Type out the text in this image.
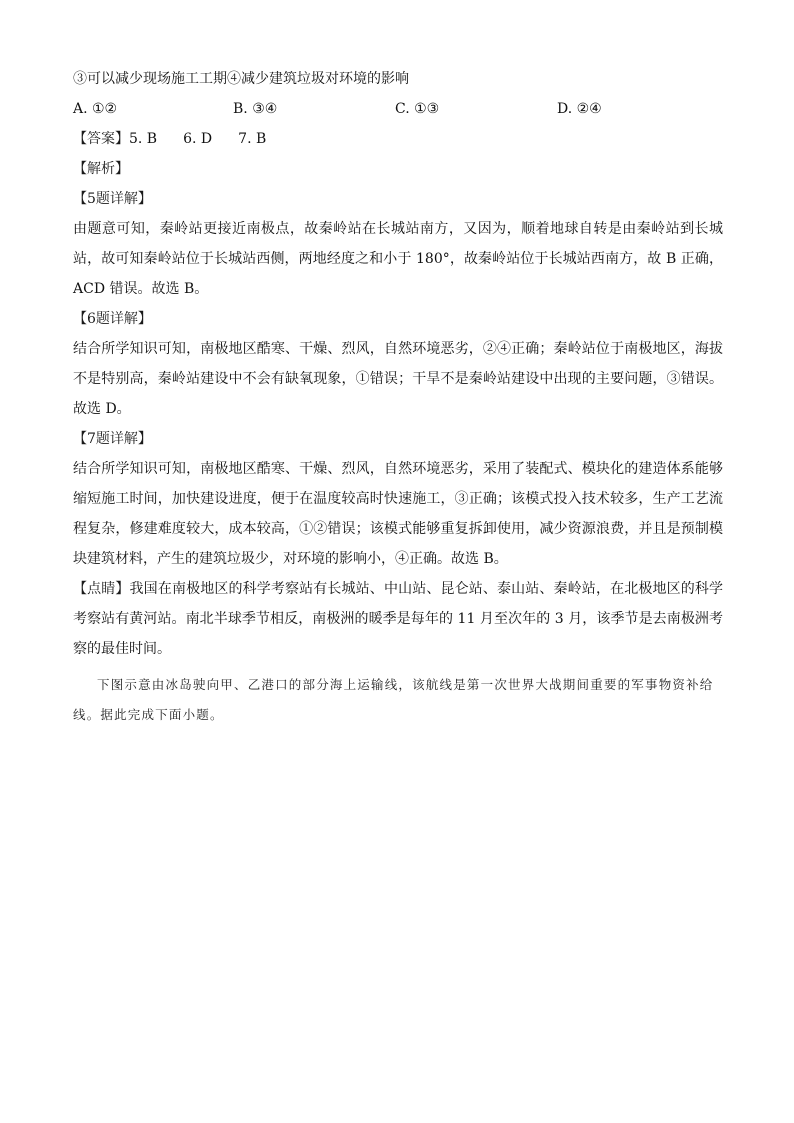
③可以减少现场施工工期④减少建筑垃圾对环境的影响
A. ①②	B. ③④	C. ①③	D. ②④
【答案】5. B 6. D 7. B
【解析】
【5题详解】
由题意可知，秦岭站更接近南极点，故秦岭站在长城站南方，又因为，顺着地球自转是由秦岭站到长城站，故可知秦岭站位于长城站西侧，两地经度之和小于 180°，故秦岭站位于长城站西南方，故 B 正确，ACD 错误。故选 B。
【6题详解】
结合所学知识可知，南极地区酷寒、干燥、烈风，自然环境恶劣，②④正确；秦岭站位于南极地区，海拔不是特别高，秦岭站建设中不会有缺氧现象，①错误；干旱不是秦岭站建设中出现的主要问题，③错误。故选 D。
【7题详解】
结合所学知识可知，南极地区酷寒、干燥、烈风，自然环境恶劣，采用了装配式、模块化的建造体系能够缩短施工时间，加快建设进度，便于在温度较高时快速施工，③正确；该模式投入技术较多，生产工艺流程复杂，修建难度较大，成本较高，①②错误；该模式能够重复拆卸使用，减少资源浪费，并且是预制模块建筑材料，产生的建筑垃圾少，对环境的影响小，④正确。故选 B。
【点睛】我国在南极地区的科学考察站有长城站、中山站、昆仑站、泰山站、秦岭站，在北极地区的科学考察站有黄河站。南北半球季节相反，南极洲的暖季是每年的 11 月至次年的 3 月，该季节是去南极洲考察的最佳时间。
下图示意由冰岛驶向甲、乙港口的部分海上运输线，该航线是第一次世界大战期间重要的军事物资补给线。据此完成下面小题。
